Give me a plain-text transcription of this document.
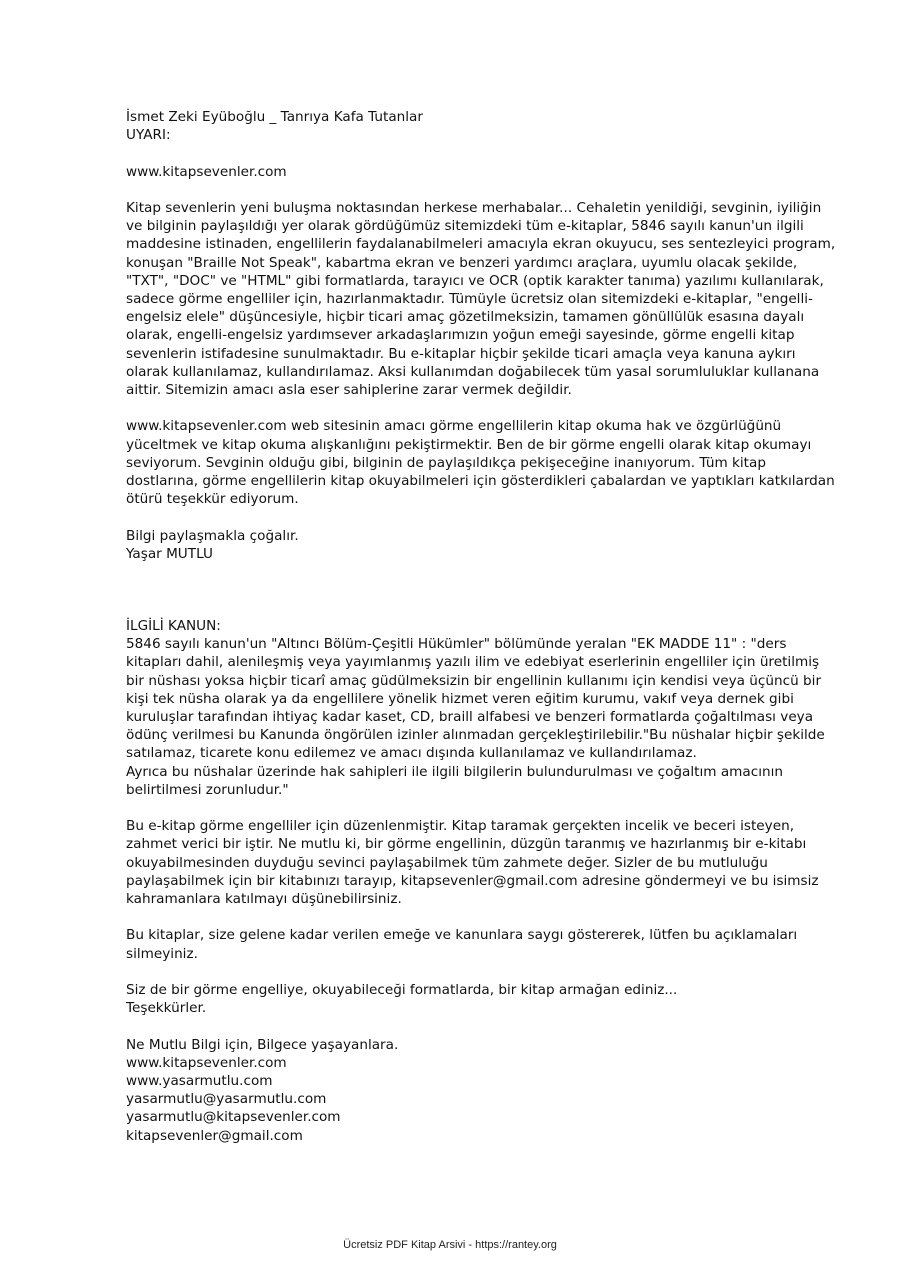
İsmet Zeki Eyüboğlu _ Tanrıya Kafa Tutanlar
UYARI:
www.kitapsevenler.com
Kitap sevenlerin yeni buluşma noktasından herkese merhabalar... Cehaletin yenildiği, sevginin, iyiliğin
ve bilginin paylaşıldığı yer olarak gördüğümüz sitemizdeki tüm e-kitaplar, 5846 sayılı kanun'un ilgili
maddesine istinaden, engellilerin faydalanabilmeleri amacıyla ekran okuyucu, ses sentezleyici program,
konuşan "Braille Not Speak", kabartma ekran ve benzeri yardımcı araçlara, uyumlu olacak şekilde,
"TXT", "DOC" ve "HTML" gibi formatlarda, tarayıcı ve OCR (optik karakter tanıma) yazılımı kullanılarak,
sadece görme engelliler için, hazırlanmaktadır. Tümüyle ücretsiz olan sitemizdeki e-kitaplar, "engelli-
engelsiz elele" düşüncesiyle, hiçbir ticari amaç gözetilmeksizin, tamamen gönüllülük esasına dayalı
olarak, engelli-engelsiz yardımsever arkadaşlarımızın yoğun emeği sayesinde, görme engelli kitap
sevenlerin istifadesine sunulmaktadır. Bu e-kitaplar hiçbir şekilde ticari amaçla veya kanuna aykırı
olarak kullanılamaz, kullandırılamaz. Aksi kullanımdan doğabilecek tüm yasal sorumluluklar kullanana
aittir. Sitemizin amacı asla eser sahiplerine zarar vermek değildir.
www.kitapsevenler.com web sitesinin amacı görme engellilerin kitap okuma hak ve özgürlüğünü
yüceltmek ve kitap okuma alışkanlığını pekiştirmektir. Ben de bir görme engelli olarak kitap okumayı
seviyorum. Sevginin olduğu gibi, bilginin de paylaşıldıkça pekişeceğine inanıyorum. Tüm kitap
dostlarına, görme engellilerin kitap okuyabilmeleri için gösterdikleri çabalardan ve yaptıkları katkılardan
ötürü teşekkür ediyorum.
Bilgi paylaşmakla çoğalır.
Yaşar MUTLU
İLGİLİ KANUN:
5846 sayılı kanun'un "Altıncı Bölüm-Çeşitli Hükümler" bölümünde yeralan "EK MADDE 11" : "ders
kitapları dahil, alenileşmiş veya yayımlanmış yazılı ilim ve edebiyat eserlerinin engelliler için üretilmiş
bir nüshası yoksa hiçbir ticarî amaç güdülmeksizin bir engellinin kullanımı için kendisi veya üçüncü bir
kişi tek nüsha olarak ya da engellilere yönelik hizmet veren eğitim kurumu, vakıf veya dernek gibi
kuruluşlar tarafından ihtiyaç kadar kaset, CD, braill alfabesi ve benzeri formatlarda çoğaltılması veya
ödünç verilmesi bu Kanunda öngörülen izinler alınmadan gerçekleştirilebilir."Bu nüshalar hiçbir şekilde
satılamaz, ticarete konu edilemez ve amacı dışında kullanılamaz ve kullandırılamaz.
Ayrıca bu nüshalar üzerinde hak sahipleri ile ilgili bilgilerin bulundurulması ve çoğaltım amacının
belirtilmesi zorunludur."
Bu e-kitap görme engelliler için düzenlenmiştir. Kitap taramak gerçekten incelik ve beceri isteyen,
zahmet verici bir iştir. Ne mutlu ki, bir görme engellinin, düzgün taranmış ve hazırlanmış bir e-kitabı
okuyabilmesinden duyduğu sevinci paylaşabilmek tüm zahmete değer. Sizler de bu mutluluğu
paylaşabilmek için bir kitabınızı tarayıp, kitapsevenler@gmail.com adresine göndermeyi ve bu isimsiz
kahramanlara katılmayı düşünebilirsiniz.
Bu kitaplar, size gelene kadar verilen emeğe ve kanunlara saygı göstererek, lütfen bu açıklamaları
silmeyiniz.
Siz de bir görme engelliye, okuyabileceği formatlarda, bir kitap armağan ediniz...
Teşekkürler.
Ne Mutlu Bilgi için, Bilgece yaşayanlara.
www.kitapsevenler.com
www.yasarmutlu.com
yasarmutlu@yasarmutlu.com
yasarmutlu@kitapsevenler.com
kitapsevenler@gmail.com
Ücretsiz PDF Kitap Arsivi - https://rantey.org
